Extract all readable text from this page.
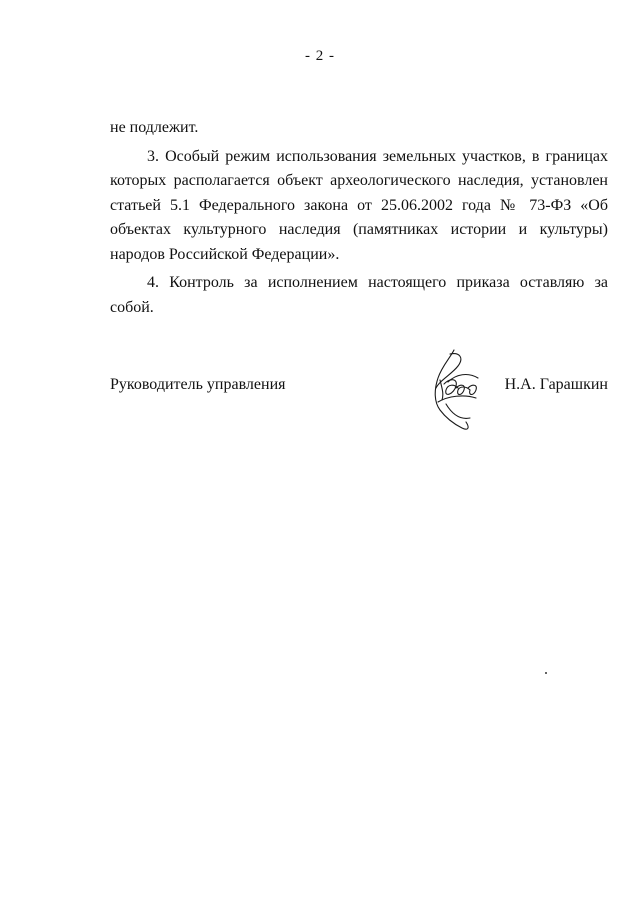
- 2 -

не подлежит.

3. Особый режим использования земельных участков, в границах которых располагается объект археологического наследия, установлен статьей 5.1 Федерального закона от 25.06.2002 года № 73-ФЗ «Об объектах культурного наследия (памятниках истории и культуры) народов Российской Федерации».

4. Контроль за исполнением настоящего приказа оставляю за собой.

Руководитель управления	Н.А. Гарашкин
